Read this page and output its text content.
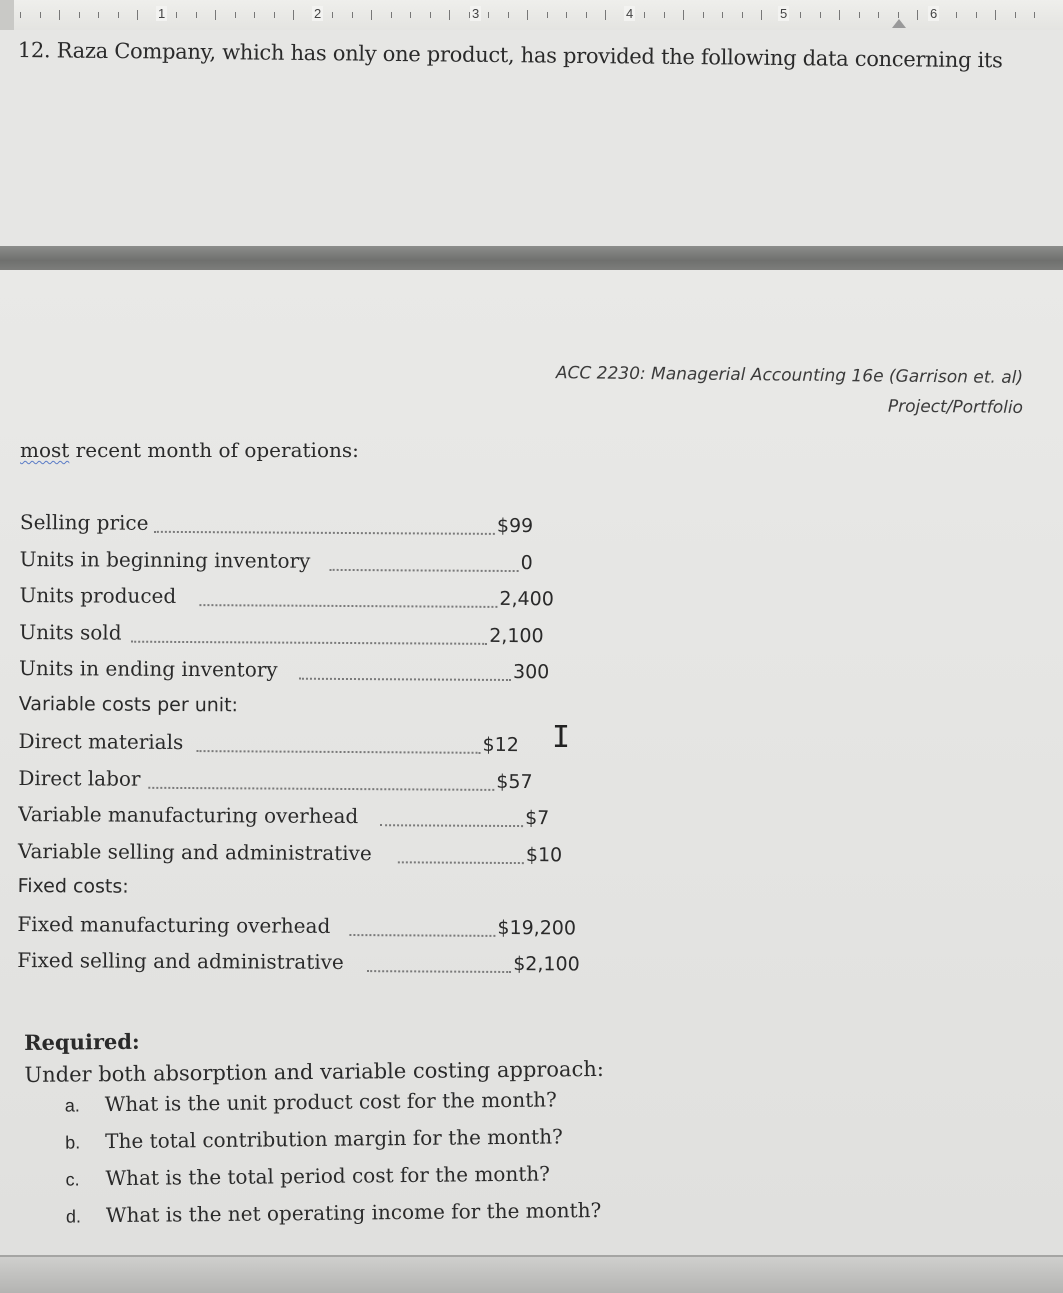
1	2	3	4	5	6
12. Raza Company, which has only one product, has provided the following data concerning its
ACC 2230: Managerial Accounting 16e (Garrison et. al)
Project/Portfolio
most recent month of operations:
Selling price	$99
Units in beginning inventory	0
Units produced	2,400
Units sold	2,100
Units in ending inventory	300
Variable costs per unit:
Direct materials	$12
Direct labor	$57
Variable manufacturing overhead	$7
Variable selling and administrative	$10
Fixed costs:
Fixed manufacturing overhead	$19,200
Fixed selling and administrative	$2,100
I
Required:
Under both absorption and variable costing approach:
a. What is the unit product cost for the month?
b. The total contribution margin for the month?
c. What is the total period cost for the month?
d. What is the net operating income for the month?
